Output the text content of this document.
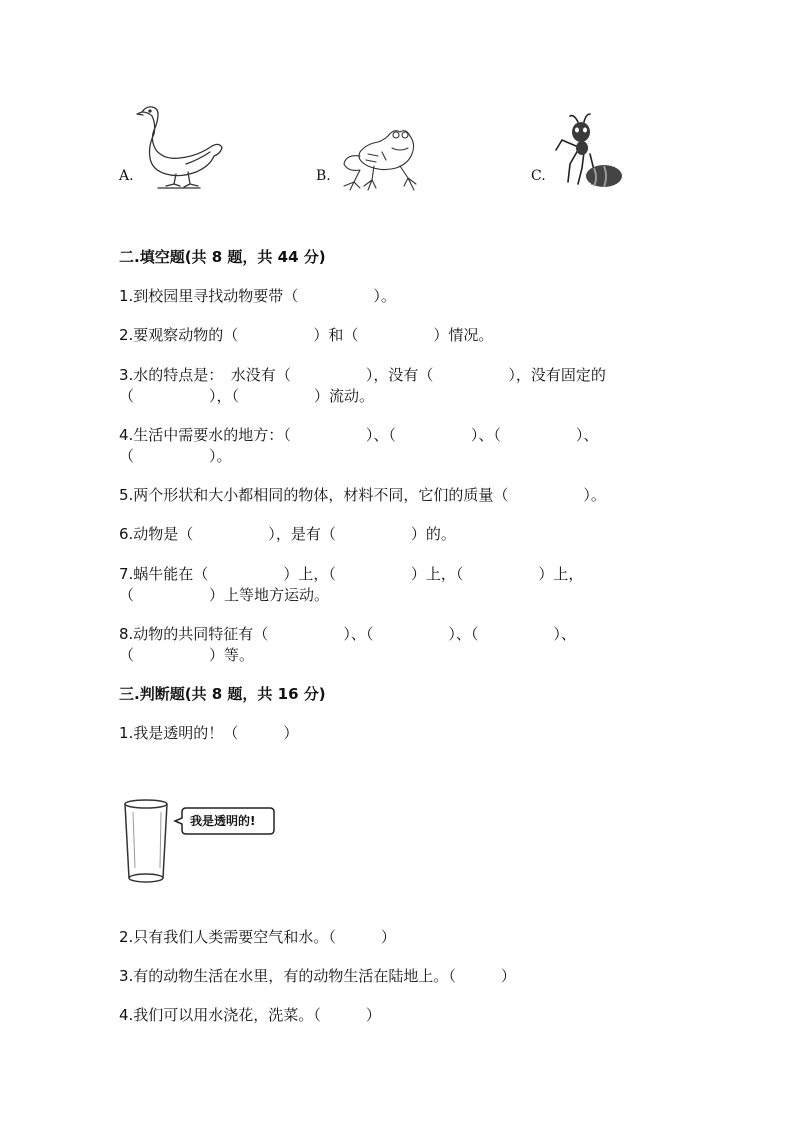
A.	B.	C.
二.填空题(共 8 题，共 44 分)
1.到校园里寻找动物要带（　　　　　）。
2.要观察动物的（　　　　　）和（　　　　　）情况。
3.水的特点是：　水没有（　　　　　），没有（　　　　　），没有固定的
（　　　　　），（　　　　　）流动。
4.生活中需要水的地方：（　　　　　）、（　　　　　）、（　　　　　）、
（　　　　　）。
5.两个形状和大小都相同的物体，材料不同，它们的质量（　　　　　）。
6.动物是（　　　　　），是有（　　　　　）的。
7.蜗牛能在（　　　　　）上，（　　　　　）上，（　　　　　）上，
（　　　　　）上等地方运动。
8.动物的共同特征有（　　　　　）、（　　　　　）、（　　　　　）、
（　　　　　）等。
三.判断题(共 8 题，共 16 分)
1.我是透明的！（　　　）
我是透明的!
2.只有我们人类需要空气和水。（　　　）
3.有的动物生活在水里，有的动物生活在陆地上。（　　　）
4.我们可以用水浇花，洗菜。（　　　）
